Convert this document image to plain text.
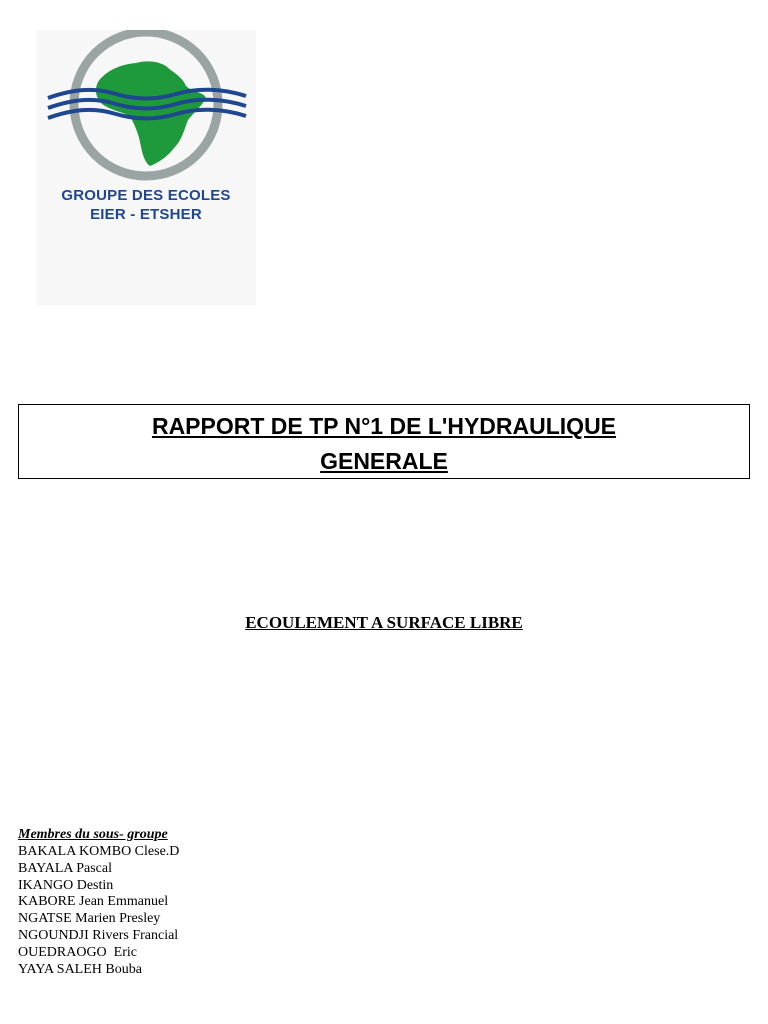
GROUPE DES ECOLES
EIER - ETSHER
RAPPORT DE TP N°1 DE L'HYDRAULIQUE
GENERALE
ECOULEMENT A SURFACE LIBRE
Membres du sous- groupe
BAKALA KOMBO Clese.D
BAYALA Pascal
IKANGO Destin
KABORE Jean Emmanuel
NGATSE Marien Presley
NGOUNDJI Rivers Francial
OUEDRAOGO  Eric
YAYA SALEH Bouba
